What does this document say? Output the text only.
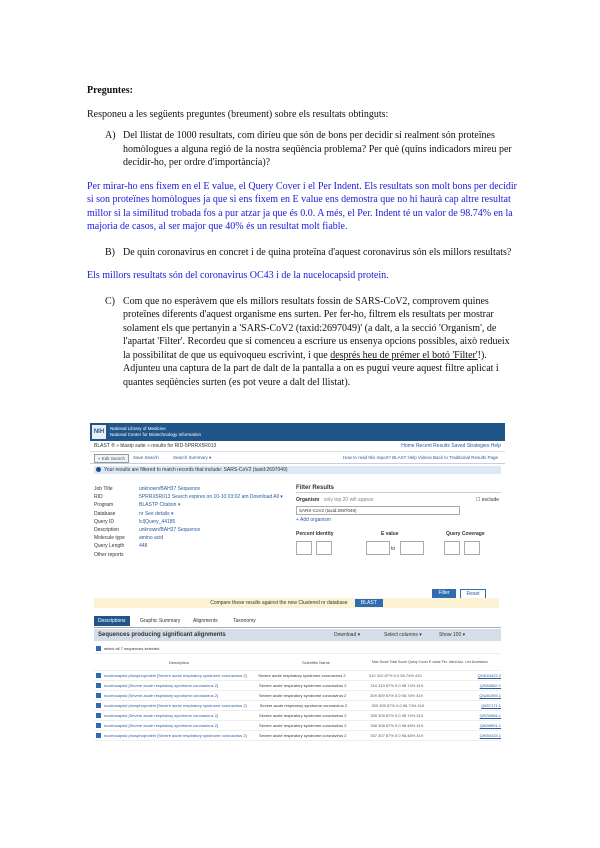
Preguntes:
Responeu a les següents preguntes (breument) sobre els resultats obtinguts:
A) Del llistat de 1000 resultats, com diríeu que són de bons per decidir si realment són proteïnes homòlogues a alguna regió de la nostra seqüència problema? Per què (quins indicadors mireu per decidir-ho, per ordre d'importància)?
Per mirar-ho ens fixem en el E value, el Query Cover i el Per Indent. Els resultats son molt bons per decidir si son proteïnes homòlogues ja que si ens fixem en E value ens demostra que no hi haurà cap altre resultat millor si la simílitud trobada fos a pur atzar ja que és 0.0. A més, el Per. Indent té un valor de 98.74% en la majoria de casos, al ser major que 40% és un resultat molt fiable.
B) De quin coronavirus en concret i de quina proteïna d'aquest coronavirus són els millors resultats?
Els millors resultats són del coronavirus OC43 i de la nucelocapsid protein.
C) Com que no esperàvem que els millors resultats fossin de SARS-CoV2, comprovem quines proteïnes diferents d'aquest organisme ens surten. Per fer-ho, filtrem els resultats per mostrar solament els que pertanyin a 'SARS-CoV2 (taxid:2697049)' (a dalt, a la secció 'Organism', de l'apartat 'Filter'. Recordeu que si comenceu a escriure us ensenya opcions possibles, això redueix la possibilitat de que us equivoqueu escrivint, i que després heu de prémer el botó 'Filter'!). Adjunteu una captura de la part de dalt de la pantalla a on es pugui veure aquest filtre aplicat i quantes seqüències surten (es pot veure a dalt del llistat).
NIH
National Library of Medicine
National Center for Biotechnology Information
BLAST ® » blastp suite » results for RID-5PRRX5R013	Home Recent Results Saved Strategies Help
« Edit Search	Save Search	Search Summary ▾	How to read this report? BLAST Help Videos Back to Traditional Results Page
Your results are filtered to match records that include: SARS-CoV2 (taxid:2697049)
Job Title	unknown/BAH37 Sequence
RID	5PRRX5R013 Search expires on 10-10 03:02 am Download All ▾
Program	BLASTP Citation ▾
Database	nr See details ▾
Query ID	lcl|Query_44185
Description	unknown/BAH37 Sequence
Molecule type	amino acid
Query Length	448
Other reports
Filter Results
Organism only top 20 will appear	☐ exclude
SARS-CoV2 (taxid:2697049)
+ Add organism
Percent Identity	E value	Query Coverage
to
Filter	Reset
Compare these results against the new Clustered nr database	BLAST
Descriptions	Graphic Summary	Alignments	Taxonomy
Sequences producing significant alignments	Download ▾	Select columns ▾	Show 100 ▾
select all 7 sequences selected
Description	Scientific Name	Max Score Total Score Query Cover E value Per. Ident Acc. Len Accession
nucleocapsid phosphoprotein [Severe acute respiratory syndrome coronavirus 2]	Severe acute respiratory syndrome coronavirus 2	310 310 87% 0.0 98.74% 419	QHD43423.2
nucleocapsid [Severe acute respiratory syndrome coronavirus 2]	Severe acute respiratory syndrome coronavirus 2	310 310 87% 0.0 98.74% 419	QIS60562.1
nucleocapsid [Severe acute respiratory syndrome coronavirus 2]	Severe acute respiratory syndrome coronavirus 2	309 309 87% 0.0 98.74% 419	QIU81593.1
nucleocapsid phosphoprotein [Severe acute respiratory syndrome coronavirus 2]	Severe acute respiratory syndrome coronavirus 2	309 309 87% 0.0 98.74% 419	QII57171.1
nucleocapsid [Severe acute respiratory syndrome coronavirus 2]	Severe acute respiratory syndrome coronavirus 2	309 309 87% 0.0 98.74% 419	QIS30584.1
nucleocapsid [Severe acute respiratory syndrome coronavirus 2]	Severe acute respiratory syndrome coronavirus 2	308 308 87% 0.0 98.48% 419	QIA98591.1
nucleocapsid phosphoprotein [Severe acute respiratory syndrome coronavirus 2]	Severe acute respiratory syndrome coronavirus 2	307 307 87% 0.0 98.48% 419	QIK50433.1
